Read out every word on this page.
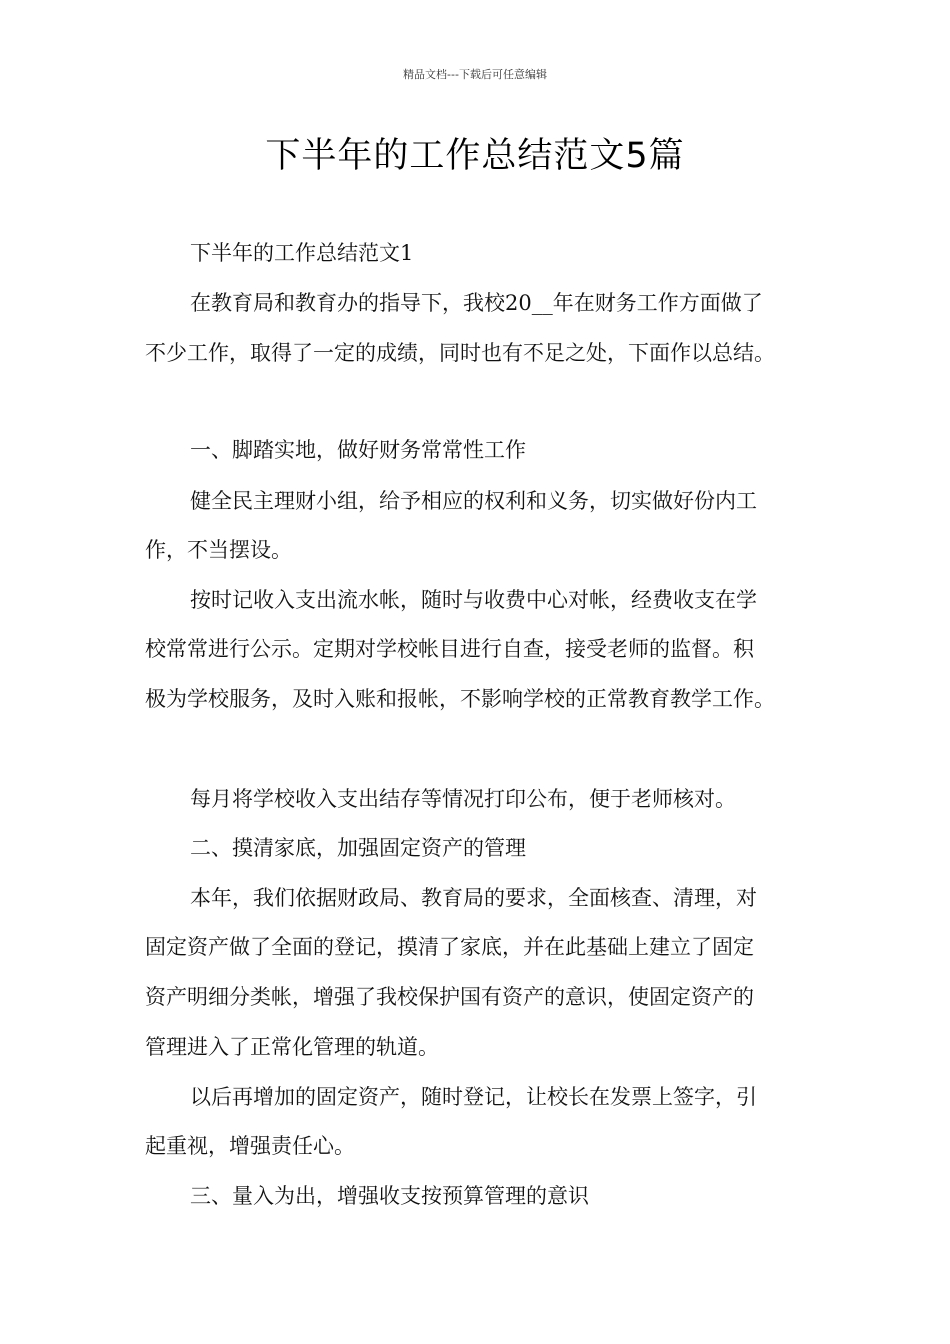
精品文档---下载后可任意编辑
下半年的工作总结范文5篇
下半年的工作总结范文1
在教育局和教育办的指导下，我校20__年在财务工作方面做了
不少工作，取得了一定的成绩，同时也有不足之处，下面作以总结。
一、脚踏实地，做好财务常常性工作
健全民主理财小组，给予相应的权利和义务，切实做好份内工
作，不当摆设。
按时记收入支出流水帐，随时与收费中心对帐，经费收支在学
校常常进行公示。定期对学校帐目进行自查，接受老师的监督。积
极为学校服务，及时入账和报帐，不影响学校的正常教育教学工作。
每月将学校收入支出结存等情况打印公布，便于老师核对。
二、摸清家底，加强固定资产的管理
本年，我们依据财政局、教育局的要求，全面核查、清理，对
固定资产做了全面的登记，摸清了家底，并在此基础上建立了固定
资产明细分类帐，增强了我校保护国有资产的意识，使固定资产的
管理进入了正常化管理的轨道。
以后再增加的固定资产，随时登记，让校长在发票上签字，引
起重视，增强责任心。
三、量入为出，增强收支按预算管理的意识
